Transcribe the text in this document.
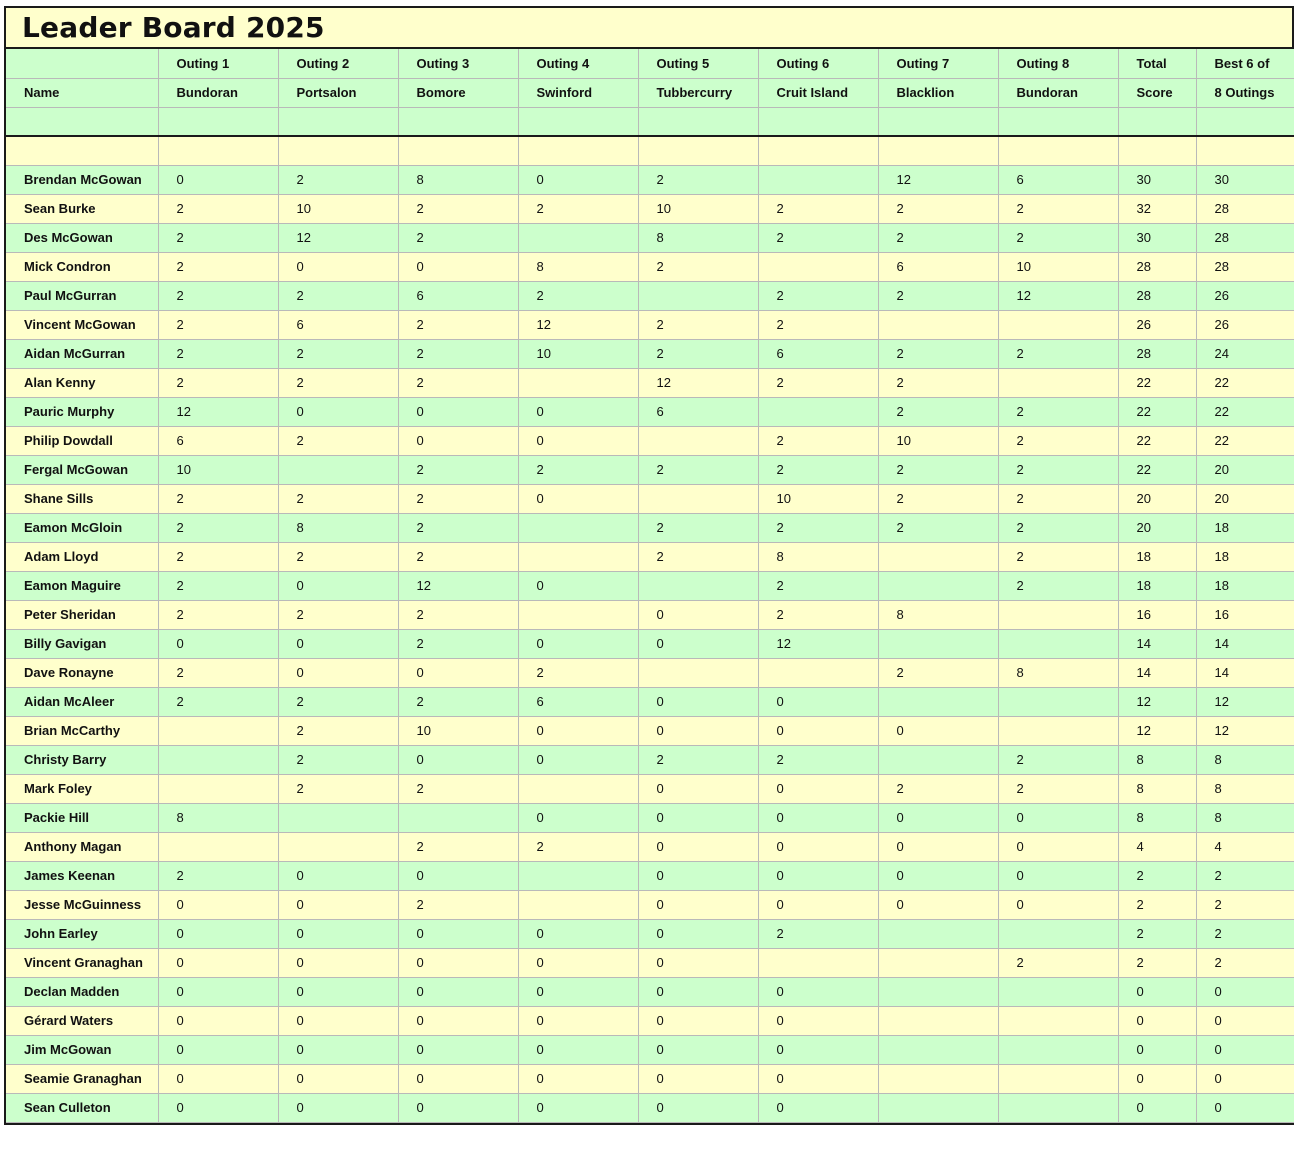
Leader Board 2025
	Outing 1	Outing 2	Outing 3	Outing 4	Outing 5	Outing 6	Outing 7	Outing 8	Total	Best 6 of
Name	Bundoran	Portsalon	Bomore	Swinford	Tubbercurry	Cruit Island	Blacklion	Bundoran	Score	8 Outings

Brendan McGowan	0	2	8	0	2		12	6	30	30
Sean Burke	2	10	2	2	10	2	2	2	32	28
Des McGowan	2	12	2		8	2	2	2	30	28
Mick Condron	2	0	0	8	2		6	10	28	28
Paul McGurran	2	2	6	2		2	2	12	28	26
Vincent McGowan	2	6	2	12	2	2			26	26
Aidan McGurran	2	2	2	10	2	6	2	2	28	24
Alan Kenny	2	2	2		12	2	2		22	22
Pauric Murphy	12	0	0	0	6		2	2	22	22
Philip Dowdall	6	2	0	0		2	10	2	22	22
Fergal McGowan	10		2	2	2	2	2	2	22	20
Shane Sills	2	2	2	0		10	2	2	20	20
Eamon McGloin	2	8	2		2	2	2	2	20	18
Adam Lloyd	2	2	2		2	8		2	18	18
Eamon Maguire	2	0	12	0		2		2	18	18
Peter Sheridan	2	2	2		0	2	8		16	16
Billy Gavigan	0	0	2	0	0	12			14	14
Dave Ronayne	2	0	0	2			2	8	14	14
Aidan McAleer	2	2	2	6	0	0			12	12
Brian McCarthy		2	10	0	0	0	0		12	12
Christy Barry		2	0	0	2	2		2	8	8
Mark Foley		2	2		0	0	2	2	8	8
Packie Hill	8			0	0	0	0	0	8	8
Anthony Magan			2	2	0	0	0	0	4	4
James Keenan	2	0	0		0	0	0	0	2	2
Jesse McGuinness	0	0	2		0	0	0	0	2	2
John Earley	0	0	0	0	0	2			2	2
Vincent Granaghan	0	0	0	0	0			2	2	2
Declan Madden	0	0	0	0	0	0			0	0
Gérard Waters	0	0	0	0	0	0			0	0
Jim McGowan	0	0	0	0	0	0			0	0
Seamie Granaghan	0	0	0	0	0	0			0	0
Sean Culleton	0	0	0	0	0	0			0	0
